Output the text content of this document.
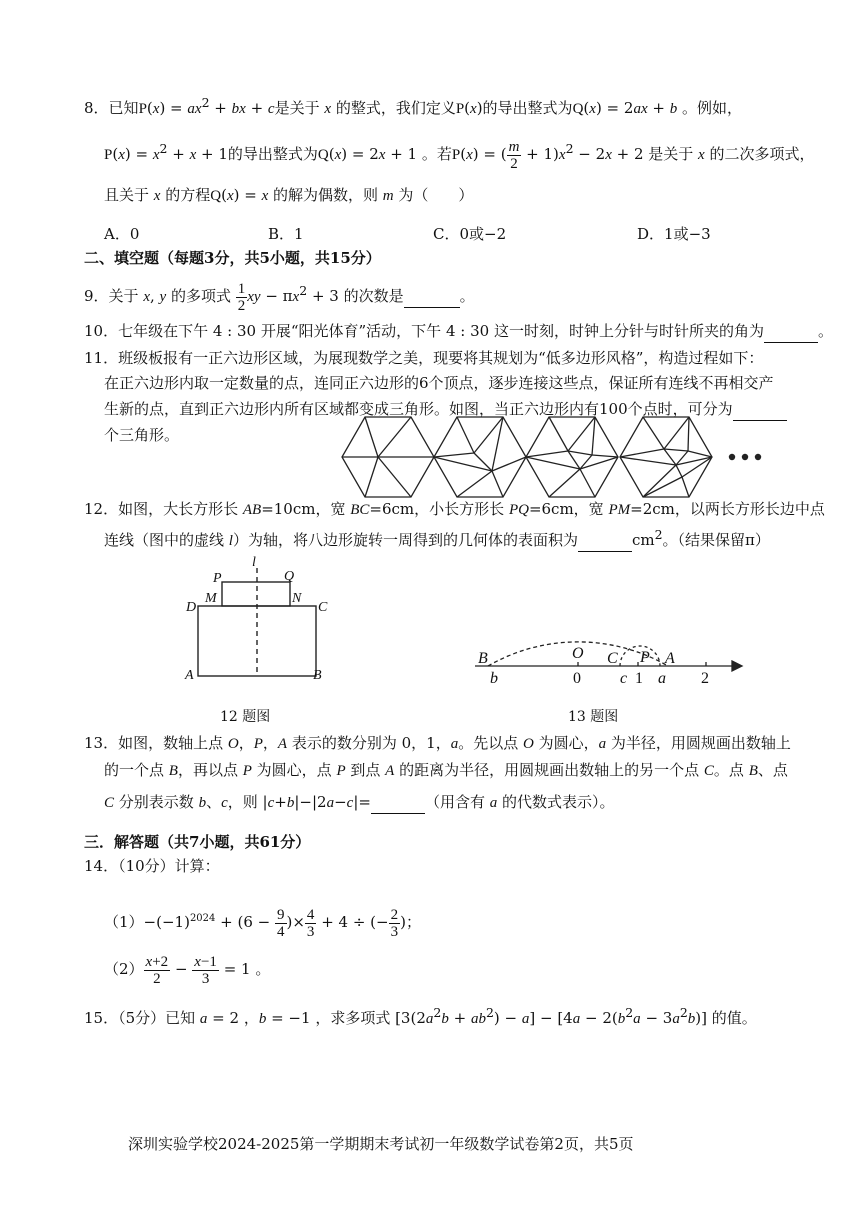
8．已知$P(x) = ax^2$ + bx + c是关于 x 的整式，我们定义P(x)的导出整式为Q(x) = 2ax + b 。例如，
$P(x) = x^2 + x + 1$的导出整式为Q(x) = 2x + 1 。若P(x) = ( $\frac{m}{2} + 1)x^2 - 2x + 2$ 是关于 x 的二次多项式，
且关于 x 的方程Q(x) = x 的解为偶数，则 m 为（　　）
A．0	B．1	C．0或−2	D．1或−3
二、填空题（每题3分，共5小题，共15分）
9．关于 x, y 的多项式 $\frac{1}{2}$ xy − $\pi x^2 + 3$ 的次数是	。
10．七年级在下午 4 : 30 开展“阳光体育”活动，下午 4 : 30 这一时刻，时钟上分针与时针所夹的角为	。
11．班级板报有一正六边形区域，为展现数学之美，现要将其规划为“低多边形风格”，构造过程如下：
在正六边形内取一定数量的点，连同正六边形的6个顶点，逐步连接这些点，保证所有连线不再相交产
生新的点，直到正六边形内所有区域都变成三角形。如图，当正六边形内有100个点时，可分为
个三角形。
12．如图，大长方形长 AB=10cm，宽 BC=6cm，小长方形长 PQ=6cm，宽 PM=2cm，以两长方形长边中点
连线（图中的虚线 l）为轴，将八边形旋转一周得到的几何体的表面积为	$cm^2$。（结果保留π）
l
P	Q
M	N
D	C
A	B
12 题图
B	O C P A
b	c a
0	1	2
13 题图
13．如图，数轴上点 O，P，A 表示的数分别为 0，1，a。先以点 O 为圆心，a 为半径，用圆规画出数轴上
的一个点 B，再以点 P 为圆心，点 P 到点 A 的距离为半径，用圆规画出数轴上的另一个点 C。点 B、点
C 分别表示数 b、c，则 |c+b|−|2a−c|=	（用含有 a 的代数式表示）。
三．解答题（共7小题，共61分）
14．（10分）计算：
$(1)-(-1)^{2024} + (6 - \frac{9}{4}$ )× $\frac{4}{3} + 4$ ÷ (− $\frac{2}{3}$ )；
$(2) \frac{x+2}{2} - \frac{x-1}{3} = 1$ 。
15．（5分）已知 a = 2 ，b = −1 ，求多项式 $[3(2a^2b + ab^2) - a] - [4a - 2(b^2a - 3a^2b)]$ 的值。
深圳实验学校2024-2025第一学期期末考试初一年级数学试卷第2页，共5页
